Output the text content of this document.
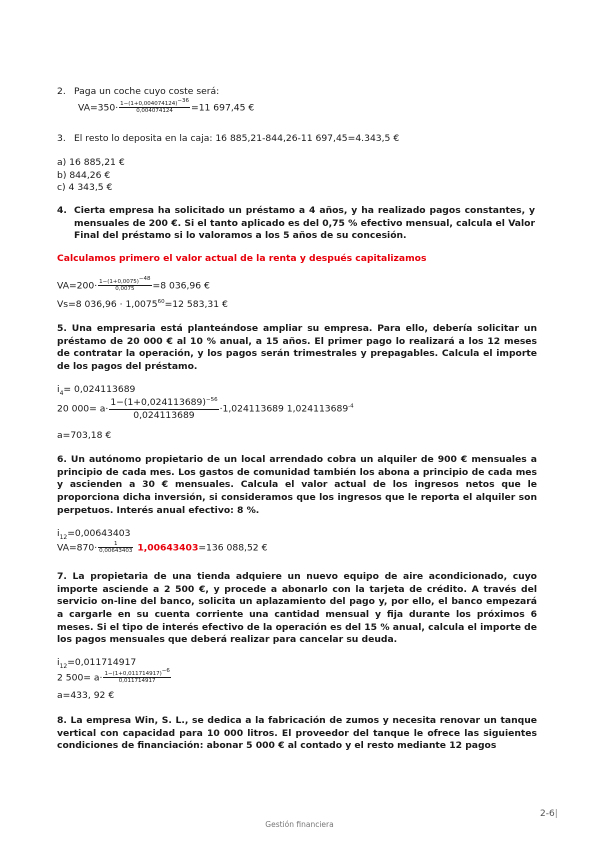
2. Paga un coche cuyo coste será:
$VA=350\cdot \frac{1-(1+0,004074124)^{-36}}{0,004074124} =11$ 697,45 €
3. El resto lo deposita en la caja: 16 885,21-844,26-11 697,45=4.343,5 €
a) 16 885,21 €
b) 844,26 €
c) 4 343,5 €
4. Cierta empresa ha solicitado un préstamo a 4 años, y ha realizado pagos constantes, y mensuales de 200 €. Si el tanto aplicado es del 0,75 % efectivo mensual, calcula el Valor Final del préstamo si lo valoramos a los 5 años de su concesión.
Calculamos primero el valor actual de la renta y después capitalizamos
$VA=200\cdot \frac{1-(1+0,0075)^{-48}}{0,0075} =8$ 036,96 €
Vs=8 $036,96 \cdot 1,0075^{60}=12$ 583,31 €
5. Una empresaria está planteándose ampliar su empresa. Para ello, debería solicitar un préstamo de 20 000 € al 10 % anual, a 15 años. El primer pago lo realizará a los 12 meses de contratar la operación, y los pagos serán trimestrales y prepagables. Calcula el importe de los pagos del préstamo.
$i_4= 0,024113689$
20 $000= a\cdot \frac{1-(1+0,024113689)^{-56}}{0,024113689} \cdot 1,024113689$ $1,024113689^{-4}$
a=703,18 €
6. Un autónomo propietario de un local arrendado cobra un alquiler de 900 € mensuales a principio de cada mes. Los gastos de comunidad también los abona a principio de cada mes y ascienden a 30 € mensuales. Calcula el valor actual de los ingresos netos que le proporciona dicha inversión, si consideramos que los ingresos que le reporta el alquiler son perpetuos. Interés anual efectivo: 8 %.
$i_{12}=0,00643403$
$VA=870\cdot \frac{1}{0,00643403} 1,00643403=136$ 088,52 €
7. La propietaria de una tienda adquiere un nuevo equipo de aire acondicionado, cuyo importe asciende a 2 500 €, y procede a abonarlo con la tarjeta de crédito. A través del servicio on-line del banco, solicita un aplazamiento del pago y, por ello, el banco empezará a cargarle en su cuenta corriente una cantidad mensual y fija durante los próximos 6 meses. Si el tipo de interés efectivo de la operación es del 15 % anual, calcula el importe de los pagos mensuales que deberá realizar para cancelar su deuda.
$i_{12}=0,011714917$
2 $500= a\cdot \frac{1-(1+0,011714917)^{-6}}{0,011714917}$
a=433, 92 €
8. La empresa Win, S. L., se dedica a la fabricación de zumos y necesita renovar un tanque vertical con capacidad para 10 000 litros. El proveedor del tanque le ofrece las siguientes condiciones de financiación: abonar 5 000 € al contado y el resto mediante 12 pagos
2-6|
Gestión financiera
